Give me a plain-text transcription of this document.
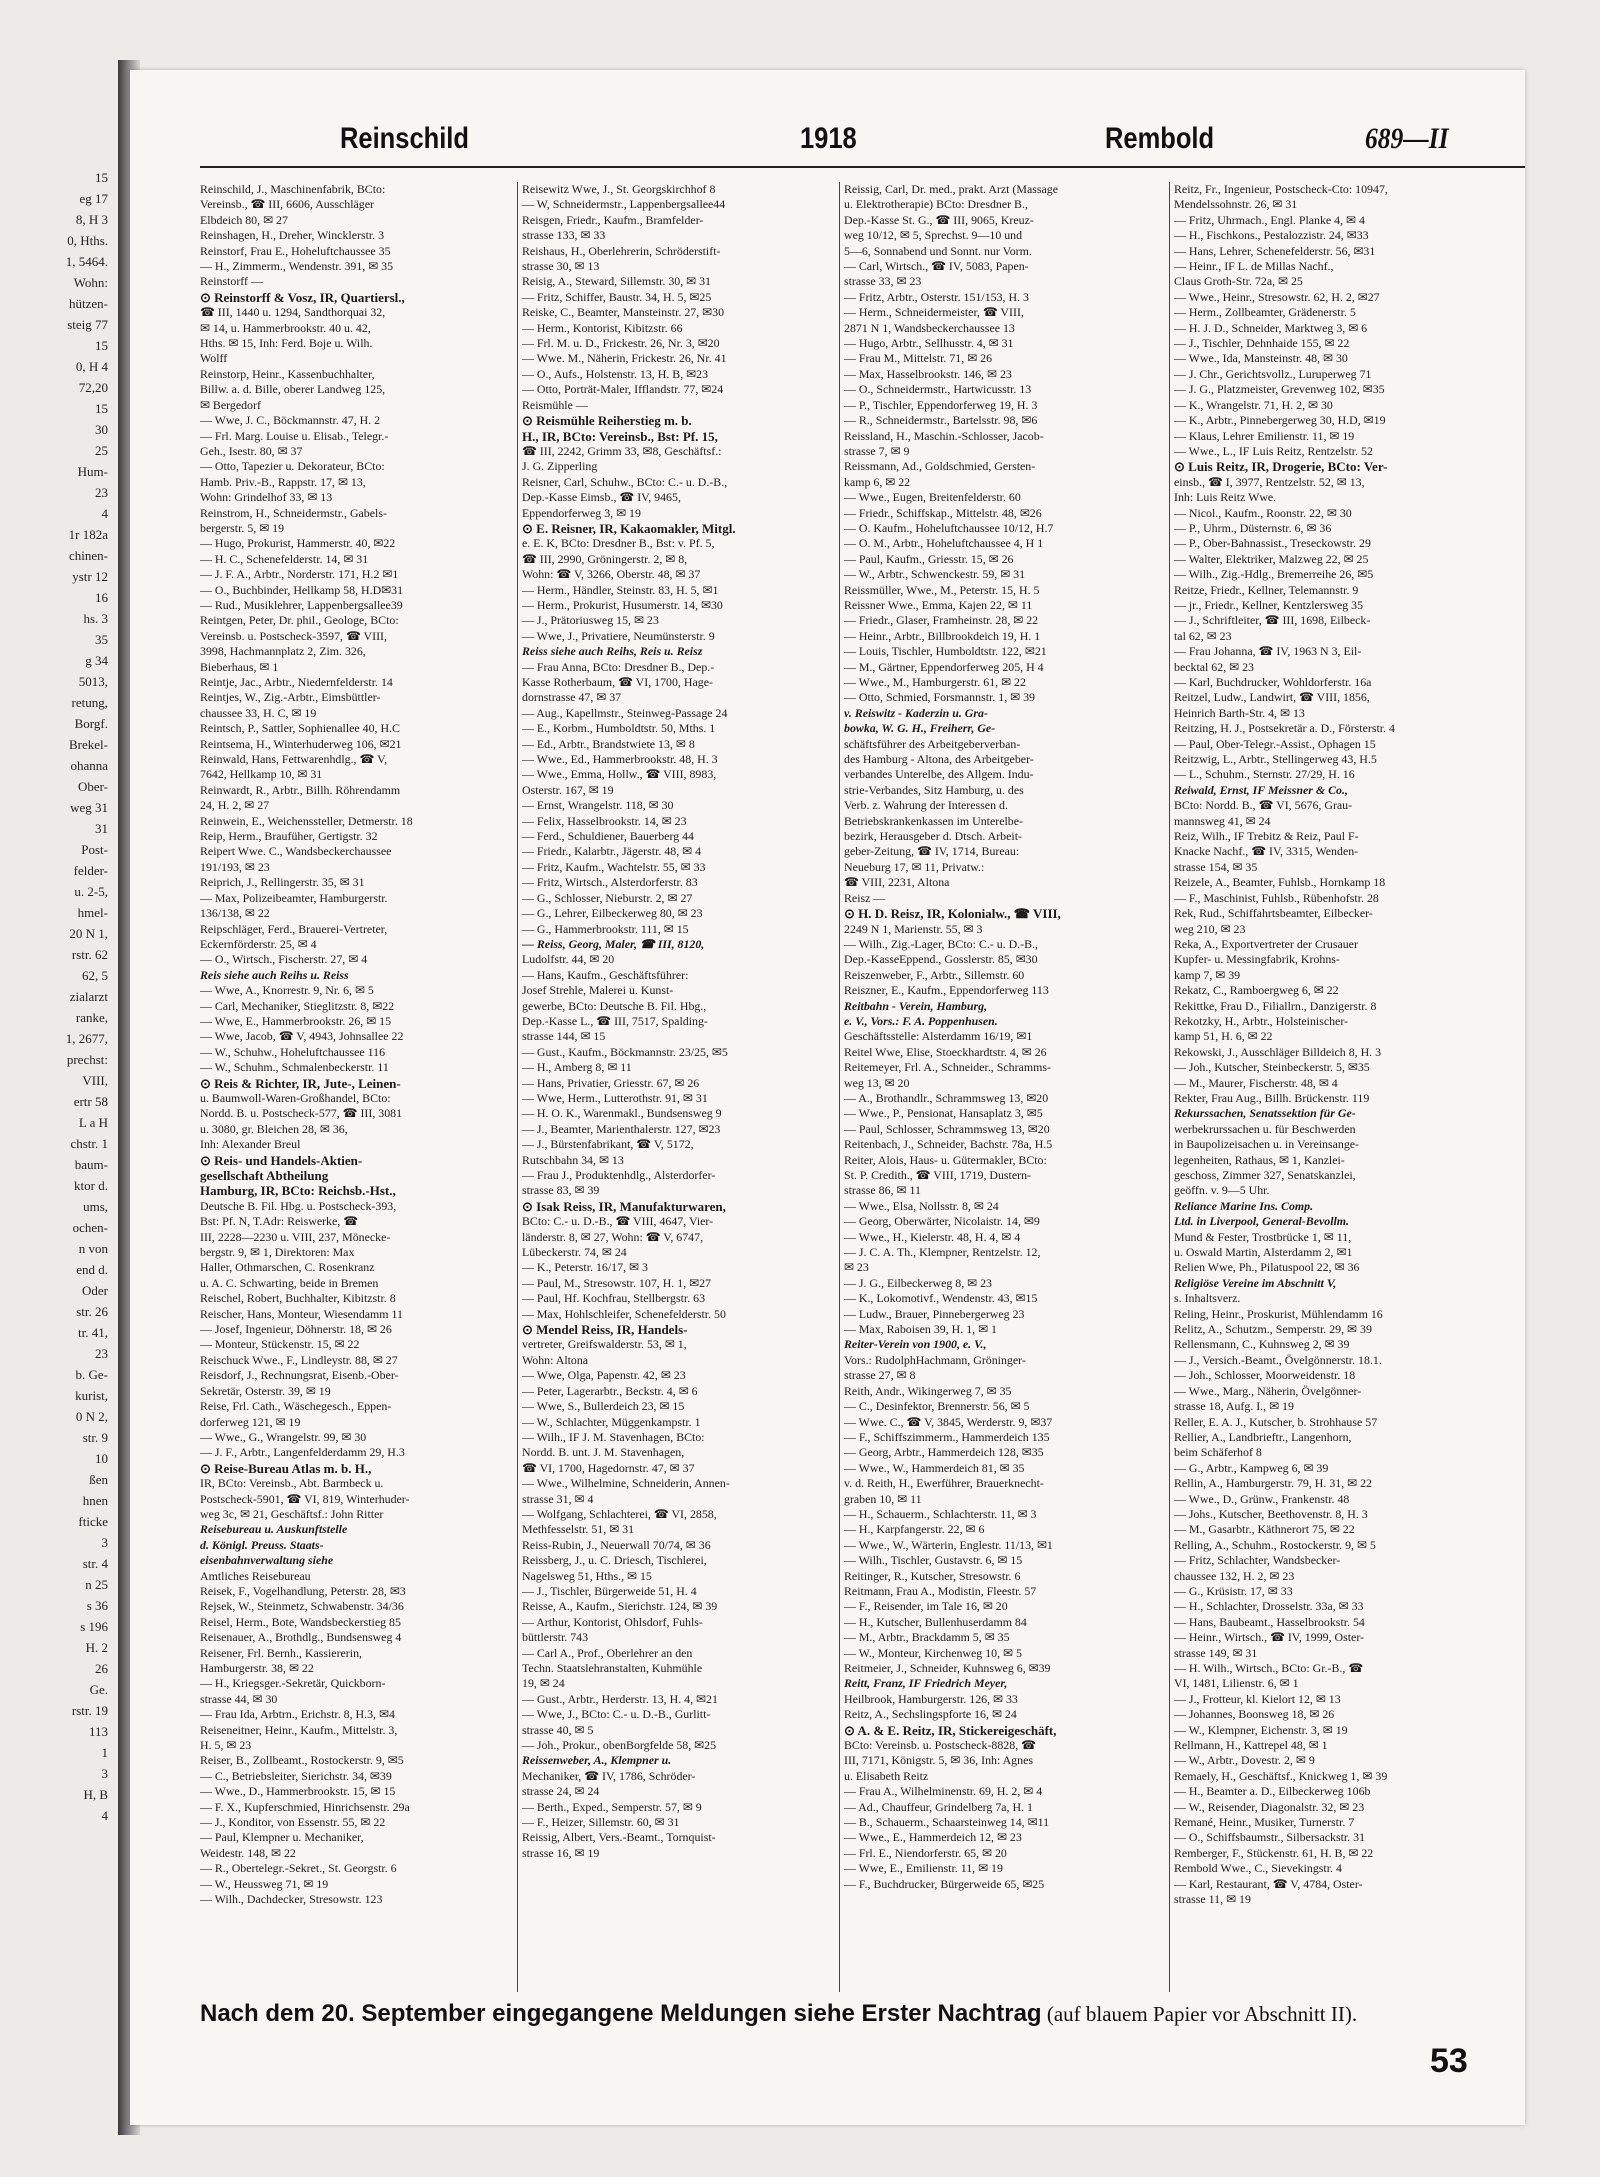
15
eg 17
8, H 3
0, Hths.
1, 5464.
Wohn:
hützen-
steig 77
15
0, H 4
72,20
15
30
25
Hum-
23
4
1r 182a
chinen-
ystr 12
16
hs. 3
35
g 34
5013,
retung,
Borgf.
Brekel-
ohanna
Ober-
weg 31
31
Post-
felder-
u. 2-5,
hmel-
20 N 1,
rstr. 62
62, 5
zialarzt
ranke,
1, 2677,
prechst:
VIII,
ertr 58
L a H
chstr. 1
baum-
ktor d.
ums,
ochen-
n von
end d.
Oder
str. 26
tr. 41,
23
b. Ge-
kurist,
0 N 2,
str. 9
10
ßen
hnen
fticke
3
str. 4
n 25
s 36
s 196
H. 2
26
Ge.
rstr. 19
113
1
3
H, B
4
Reinschild	1918	Rembold	689—II
Reinschild, J., Maschinenfabrik, BCto:
Vereinsb., ☎ III, 6606, Ausschläger
Elbdeich 80, ✉ 27
Reinshagen, H., Dreher, Wincklerstr. 3
Reinstorf, Frau E., Hoheluftchaussee 35
— H., Zimmerm., Wendenstr. 391, ✉ 35
Reinstorff —
⊙ Reinstorff & Vosz, IR, Quartiersl.,
☎ III, 1440 u. 1294, Sandthorquai 32,
✉ 14, u. Hammerbrookstr. 40 u. 42,
Hths. ✉ 15, Inh: Ferd. Boje u. Wilh.
Wolff
Reinstorp, Heinr., Kassenbuchhalter,
Billw. a. d. Bille, oberer Landweg 125,
✉ Bergedorf
— Wwe, J. C., Böckmannstr. 47, H. 2
— Frl. Marg. Louise u. Elisab., Telegr.-
Geh., Isestr. 80, ✉ 37
— Otto, Tapezier u. Dekorateur, BCto:
Hamb. Priv.-B., Rappstr. 17, ✉ 13,
Wohn: Grindelhof 33, ✉ 13
Reinstrom, H., Schneidermstr., Gabels-
bergerstr. 5, ✉ 19
— Hugo, Prokurist, Hammerstr. 40, ✉22
— H. C., Schenefelderstr. 14, ✉ 31
— J. F. A., Arbtr., Norderstr. 171, H.2 ✉1
— O., Buchbinder, Hellkamp 58, H.D✉31
— Rud., Musiklehrer, Lappenbergsallee39
Reintgen, Peter, Dr. phil., Geologe, BCto:
Vereinsb. u. Postscheck-3597, ☎ VIII,
3998, Hachmannplatz 2, Zim. 326,
Bieberhaus, ✉ 1
Reintje, Jac., Arbtr., Niedernfelderstr. 14
Reintjes, W., Zig.-Arbtr., Eimsbüttler-
chaussee 33, H. C, ✉ 19
Reintsch, P., Sattler, Sophienallee 40, H.C
Reintsema, H., Winterhuderweg 106, ✉21
Reinwald, Hans, Fettwarenhdlg., ☎ V,
7642, Hellkamp 10, ✉ 31
Reinwardt, R., Arbtr., Billh. Röhrendamm
24, H. 2, ✉ 27
Reinwein, E., Weichenssteller, Detmerstr. 18
Reip, Herm., Braufüher, Gertigstr. 32
Reipert Wwe. C., Wandsbeckerchaussee
191/193, ✉ 23
Reiprich, J., Rellingerstr. 35, ✉ 31
— Max, Polizeibeamter, Hamburgerstr.
136/138, ✉ 22
Reipschläger, Ferd., Brauerei-Vertreter,
Eckernförderstr. 25, ✉ 4
— O., Wirtsch., Fischerstr. 27, ✉ 4
Reis siehe auch Reihs u. Reiss
— Wwe, A., Knorrestr. 9, Nr. 6, ✉ 5
— Carl, Mechaniker, Stieglitzstr. 8, ✉22
— Wwe, E., Hammerbrookstr. 26, ✉ 15
— Wwe, Jacob, ☎ V, 4943, Johnsallee 22
— W., Schuhw., Hoheluftchaussee 116
— W., Schuhm., Schmalenbeckerstr. 11
⊙ Reis & Richter, IR, Jute-, Leinen-
u. Baumwoll-Waren-Großhandel, BCto:
Nordd. B. u. Postscheck-577, ☎ III, 3081
u. 3080, gr. Bleichen 28, ✉ 36,
Inh: Alexander Breul
⊙ Reis- und Handels-Aktien-
gesellschaft Abtheilung
Hamburg, IR, BCto: Reichsb.-Hst.,
Deutsche B. Fil. Hbg. u. Postscheck-393,
Bst: Pf. N, T.Adr: Reiswerke, ☎
III, 2228—2230 u. VIII, 237, Mönecke-
bergstr. 9, ✉ 1, Direktoren: Max
Haller, Othmarschen, C. Rosenkranz
u. A. C. Schwarting, beide in Bremen
Reischel, Robert, Buchhalter, Kibitzstr. 8
Reischer, Hans, Monteur, Wiesendamm 11
— Josef, Ingenieur, Döhnerstr. 18, ✉ 26
— Monteur, Stückenstr. 15, ✉ 22
Reischuck Wwe., F., Lindleystr. 88, ✉ 27
Reisdorf, J., Rechnungsrat, Eisenb.-Ober-
Sekretär, Osterstr. 39, ✉ 19
Reise, Frl. Cath., Wäschegesch., Eppen-
dorferweg 121, ✉ 19
— Wwe., G., Wrangelstr. 99, ✉ 30
— J. F., Arbtr., Langenfelderdamm 29, H.3
⊙ Reise-Bureau Atlas m. b. H.,
IR, BCto: Vereinsb., Abt. Barmbeck u.
Postscheck-5901, ☎ VI, 819, Winterhuder-
weg 3c, ✉ 21, Geschäftsf.: John Ritter
Reisebureau u. Auskunftstelle
d. Königl. Preuss. Staats-
eisenbahnverwaltung siehe
Amtliches Reisebureau
Reisek, F., Vogelhandlung, Peterstr. 28, ✉3
Rejsek, W., Steinmetz, Schwabenstr. 34/36
Reisel, Herm., Bote, Wandsbeckerstieg 85
Reisenauer, A., Brothdlg., Bundsensweg 4
Reisener, Frl. Bernh., Kassiererin,
Hamburgerstr. 38, ✉ 22
— H., Kriegsger.-Sekretär, Quickborn-
strasse 44, ✉ 30
— Frau Ida, Arbtrn., Erichstr. 8, H.3, ✉4
Reiseneitner, Heinr., Kaufm., Mittelstr. 3,
H. 5, ✉ 23
Reiser, B., Zollbeamt., Rostockerstr. 9, ✉5
— C., Betriebsleiter, Sierichstr. 34, ✉39
— Wwe., D., Hammerbrookstr. 15, ✉ 15
— F. X., Kupferschmied, Hinrichsenstr. 29a
— J., Konditor, von Essenstr. 55, ✉ 22
— Paul, Klempner u. Mechaniker,
Weidestr. 148, ✉ 22
— R., Obertelegr.-Sekret., St. Georgstr. 6
— W., Heussweg 71, ✉ 19
— Wilh., Dachdecker, Stresowstr. 123
Reisewitz Wwe, J., St. Georgskirchhof 8
— W, Schneidermstr., Lappenbergsallee44
Reisgen, Friedr., Kaufm., Bramfelder-
strasse 133, ✉ 33
Reishaus, H., Oberlehrerin, Schröderstift-
strasse 30, ✉ 13
Reisig, A., Steward, Sillemstr. 30, ✉ 31
— Fritz, Schiffer, Baustr. 34, H. 5, ✉25
Reiske, C., Beamter, Mansteinstr. 27, ✉30
— Herm., Kontorist, Kibitzstr. 66
— Frl. M. u. D., Frickestr. 26, Nr. 3, ✉20
— Wwe. M., Näherin, Frickestr. 26, Nr. 41
— O., Aufs., Holstenstr. 13, H. B, ✉23
— Otto, Porträt-Maler, Ifflandstr. 77, ✉24
Reismühle —
⊙ Reismühle Reiherstieg m. b.
H., IR, BCto: Vereinsb., Bst: Pf. 15,
☎ III, 2242, Grimm 33, ✉8, Geschäftsf.:
J. G. Zipperling
Reisner, Carl, Schuhw., BCto: C.- u. D.-B.,
Dep.-Kasse Eimsb., ☎ IV, 9465,
Eppendorferweg 3, ✉ 19
⊙ E. Reisner, IR, Kakaomakler, Mitgl.
e. E. K, BCto: Dresdner B., Bst: v. Pf. 5,
☎ III, 2990, Gröningerstr. 2, ✉ 8,
Wohn: ☎ V, 3266, Oberstr. 48, ✉ 37
— Herm., Händler, Steinstr. 83, H. 5, ✉1
— Herm., Prokurist, Husumerstr. 14, ✉30
— J., Prätoriusweg 15, ✉ 23
— Wwe, J., Privatiere, Neumünsterstr. 9
Reiss siehe auch Reihs, Reis u. Reisz
— Frau Anna, BCto: Dresdner B., Dep.-
Kasse Rotherbaum, ☎ VI, 1700, Hage-
dornstrasse 47, ✉ 37
— Aug., Kapellmstr., Steinweg-Passage 24
— E., Korbm., Humboldtstr. 50, Mths. 1
— Ed., Arbtr., Brandstwiete 13, ✉ 8
— Wwe., Ed., Hammerbrookstr. 48, H. 3
— Wwe., Emma, Hollw., ☎ VIII, 8983,
Osterstr. 167, ✉ 19
— Ernst, Wrangelstr. 118, ✉ 30
— Felix, Hasselbrookstr. 14, ✉ 23
— Ferd., Schuldiener, Bauerberg 44
— Friedr., Kalarbtr., Jägerstr. 48, ✉ 4
— Fritz, Kaufm., Wachtelstr. 55, ✉ 33
— Fritz, Wirtsch., Alsterdorferstr. 83
— G., Schlosser, Nieburstr. 2, ✉ 27
— G., Lehrer, Eilbeckerweg 80, ✉ 23
— G., Hammerbrookstr. 111, ✉ 15
— Reiss, Georg, Maler, ☎ III, 8120,
Ludolfstr. 44, ✉ 20
— Hans, Kaufm., Geschäftsführer:
Josef Strehle, Malerei u. Kunst-
gewerbe, BCto: Deutsche B. Fil. Hbg.,
Dep.-Kasse L., ☎ III, 7517, Spalding-
strasse 144, ✉ 15
— Gust., Kaufm., Böckmannstr. 23/25, ✉5
— H., Amberg 8, ✉ 11
— Hans, Privatier, Griesstr. 67, ✉ 26
— Wwe, Herm., Lutterothstr. 91, ✉ 31
— H. O. K., Warenmakl., Bundsensweg 9
— J., Beamter, Marienthalerstr. 127, ✉23
— J., Bürstenfabrikant, ☎ V, 5172,
Rutschbahn 34, ✉ 13
— Frau J., Produktenhdlg., Alsterdorfer-
strasse 83, ✉ 39
⊙ Isak Reiss, IR, Manufakturwaren,
BCto: C.- u. D.-B., ☎ VIII, 4647, Vier-
länderstr. 8, ✉ 27, Wohn: ☎ V, 6747,
Lübeckerstr. 74, ✉ 24
— K., Peterstr. 16/17, ✉ 3
— Paul, M., Stresowstr. 107, H. 1, ✉27
— Paul, Hf. Kochfrau, Stellbergstr. 63
— Max, Hohlschleifer, Schenefelderstr. 50
⊙ Mendel Reiss, IR, Handels-
vertreter, Greifswalderstr. 53, ✉ 1,
Wohn: Altona
— Wwe, Olga, Papenstr. 42, ✉ 23
— Peter, Lagerarbtr., Beckstr. 4, ✉ 6
— Wwe, S., Bullerdeich 23, ✉ 15
— W., Schlachter, Müggenkampstr. 1
— Wilh., IF J. M. Stavenhagen, BCto:
Nordd. B. unt. J. M. Stavenhagen,
☎ VI, 1700, Hagedornstr. 47, ✉ 37
— Wwe., Wilhelmine, Schneiderin, Annen-
strasse 31, ✉ 4
— Wolfgang, Schlachterei, ☎ VI, 2858,
Methfesselstr. 51, ✉ 31
Reiss-Rubin, J., Neuerwall 70/74, ✉ 36
Reissberg, J., u. C. Driesch, Tischlerei,
Nagelsweg 51, Hths., ✉ 15
— J., Tischler, Bürgerweide 51, H. 4
Reisse, A., Kaufm., Sierichstr. 124, ✉ 39
— Arthur, Kontorist, Ohlsdorf, Fuhls-
büttlerstr. 743
— Carl A., Prof., Oberlehrer an den
Techn. Staatslehranstalten, Kuhmühle
19, ✉ 24
— Gust., Arbtr., Herderstr. 13, H. 4, ✉21
— Wwe, J., BCto: C.- u. D.-B., Gurlitt-
strasse 40, ✉ 5
— Joh., Prokur., obenBorgfelde 58, ✉25
Reissenweber, A., Klempner u.
Mechaniker, ☎ IV, 1786, Schröder-
strasse 24, ✉ 24
— Berth., Exped., Semperstr. 57, ✉ 9
— F., Heizer, Sillemstr. 60, ✉ 31
Reissig, Albert, Vers.-Beamt., Tornquist-
strasse 16, ✉ 19
Reissig, Carl, Dr. med., prakt. Arzt (Massage
u. Elektrotherapie) BCto: Dresdner B.,
Dep.-Kasse St. G., ☎ III, 9065, Kreuz-
weg 10/12, ✉ 5, Sprechst. 9—10 und
5—6, Sonnabend und Sonnt. nur Vorm.
— Carl, Wirtsch., ☎ IV, 5083, Papen-
strasse 33, ✉ 23
— Fritz, Arbtr., Osterstr. 151/153, H. 3
— Herm., Schneidermeister, ☎ VIII,
2871 N 1, Wandsbeckerchaussee 13
— Hugo, Arbtr., Sellhusstr. 4, ✉ 31
— Frau M., Mittelstr. 71, ✉ 26
— Max, Hasselbrookstr. 146, ✉ 23
— O., Schneidermstr., Hartwicusstr. 13
— P., Tischler, Eppendorferweg 19, H. 3
— R., Schneidermstr., Bartelsstr. 98, ✉6
Reissland, H., Maschin.-Schlosser, Jacob-
strasse 7, ✉ 9
Reissmann, Ad., Goldschmied, Gersten-
kamp 6, ✉ 22
— Wwe., Eugen, Breitenfelderstr. 60
— Friedr., Schiffskap., Mittelstr. 48, ✉26
— O. Kaufm., Hoheluftchaussee 10/12, H.7
— O. M., Arbtr., Hoheluftchaussee 4, H 1
— Paul, Kaufm., Griesstr. 15, ✉ 26
— W., Arbtr., Schwenckestr. 59, ✉ 31
Reissmüller, Wwe., M., Peterstr. 15, H. 5
Reissner Wwe., Emma, Kajen 22, ✉ 11
— Friedr., Glaser, Framheinstr. 28, ✉ 22
— Heinr., Arbtr., Billbrookdeich 19, H. 1
— Louis, Tischler, Humboldtstr. 122, ✉21
— M., Gärtner, Eppendorferweg 205, H 4
— Wwe., M., Hamburgerstr. 61, ✉ 22
— Otto, Schmied, Forsmannstr. 1, ✉ 39
v. Reiswitz - Kaderzin u. Gra-
bowka, W. G. H., Freiherr, Ge-
schäftsführer des Arbeitgeberverban-
des Hamburg - Altona, des Arbeitgeber-
verbandes Unterelbe, des Allgem. Indu-
strie-Verbandes, Sitz Hamburg, u. des
Verb. z. Wahrung der Interessen d.
Betriebskrankenkassen im Unterelbe-
bezirk, Herausgeber d. Dtsch. Arbeit-
geber-Zeitung, ☎ IV, 1714, Bureau:
Neueburg 17, ✉ 11, Privatw.:
☎ VIII, 2231, Altona
Reisz —
⊙ H. D. Reisz, IR, Kolonialw., ☎ VIII,
2249 N 1, Marienstr. 55, ✉ 3
— Wilh., Zig.-Lager, BCto: C.- u. D.-B.,
Dep.-KasseEppend., Gosslerstr. 85, ✉30
Reiszenweber, F., Arbtr., Sillemstr. 60
Reiszner, E., Kaufm., Eppendorferweg 113
Reitbahn - Verein, Hamburg,
e. V., Vors.: F. A. Poppenhusen.
Geschäftsstelle: Alsterdamm 16/19, ✉1
Reitel Wwe, Elise, Stoeckhardtstr. 4, ✉ 26
Reitemeyer, Frl. A., Schneider., Schramms-
weg 13, ✉ 20
— A., Brothandlr., Schrammsweg 13, ✉20
— Wwe., P., Pensionat, Hansaplatz 3, ✉5
— Paul, Schlosser, Schrammsweg 13, ✉20
Reitenbach, J., Schneider, Bachstr. 78a, H.5
Reiter, Alois, Haus- u. Gütermakler, BCto:
St. P. Credith., ☎ VIII, 1719, Dustern-
strasse 86, ✉ 11
— Wwe., Elsa, Nollsstr. 8, ✉ 24
— Georg, Oberwärter, Nicolaistr. 14, ✉9
— Wwe., H., Kielerstr. 48, H. 4, ✉ 4
— J. C. A. Th., Klempner, Rentzelstr. 12,
✉ 23
— J. G., Eilbeckerweg 8, ✉ 23
— K., Lokomotivf., Wendenstr. 43, ✉15
— Ludw., Brauer, Pinnebergerweg 23
— Max, Raboisen 39, H. 1, ✉ 1
Reiter-Verein von 1900, e. V.,
Vors.: RudolphHachmann, Gröninger-
strasse 27, ✉ 8
Reith, Andr., Wikingerweg 7, ✉ 35
— C., Desinfektor, Brennerstr. 56, ✉ 5
— Wwe. C., ☎ V, 3845, Werderstr. 9, ✉37
— F., Schiffszimmerm., Hammerdeich 135
— Georg, Arbtr., Hammerdeich 128, ✉35
— Wwe., W., Hammerdeich 81, ✉ 35
v. d. Reith, H., Ewerführer, Brauerknecht-
graben 10, ✉ 11
— H., Schauerm., Schlachterstr. 11, ✉ 3
— H., Karpfangerstr. 22, ✉ 6
— Wwe., W., Wärterin, Englestr. 11/13, ✉1
— Wilh., Tischler, Gustavstr. 6, ✉ 15
Reitinger, R., Kutscher, Stresowstr. 6
Reitmann, Frau A., Modistin, Fleestr. 57
— F., Reisender, im Tale 16, ✉ 20
— H., Kutscher, Bullenhuserdamm 84
— M., Arbtr., Brackdamm 5, ✉ 35
— W., Monteur, Kirchenweg 10, ✉ 5
Reitmeier, J., Schneider, Kuhnsweg 6, ✉39
Reitt, Franz, IF Friedrich Meyer,
Heilbrook, Hamburgerstr. 126, ✉ 33
Reitz, A., Sechslingspforte 16, ✉ 24
⊙ A. & E. Reitz, IR, Stickereigeschäft,
BCto: Vereinsb. u. Postscheck-8828, ☎
III, 7171, Königstr. 5, ✉ 36, Inh: Agnes
u. Elisabeth Reitz
— Frau A., Wilhelminenstr. 69, H. 2, ✉ 4
— Ad., Chauffeur, Grindelberg 7a, H. 1
— B., Schauerm., Schaarsteinweg 14, ✉11
— Wwe., E., Hammerdeich 12, ✉ 23
— Frl. E., Niendorferstr. 65, ✉ 20
— Wwe, E., Emilienstr. 11, ✉ 19
— F., Buchdrucker, Bürgerweide 65, ✉25
Reitz, Fr., Ingenieur, Postscheck-Cto: 10947,
Mendelssohnstr. 26, ✉ 31
— Fritz, Uhrmach., Engl. Planke 4, ✉ 4
— H., Fischkons., Pestalozzistr. 24, ✉33
— Hans, Lehrer, Schenefelderstr. 56, ✉31
— Heinr., IF L. de Millas Nachf.,
Claus Groth-Str. 72a, ✉ 25
— Wwe., Heinr., Stresowstr. 62, H. 2, ✉27
— Herm., Zollbeamter, Grädenerstr. 5
— H. J. D., Schneider, Marktweg 3, ✉ 6
— J., Tischler, Dehnhaide 155, ✉ 22
— Wwe., Ida, Mansteinstr. 48, ✉ 30
— J. Chr., Gerichtsvollz., Luruperweg 71
— J. G., Platzmeister, Grevenweg 102, ✉35
— K., Wrangelstr. 71, H. 2, ✉ 30
— K., Arbtr., Pinnebergerweg 30, H.D, ✉19
— Klaus, Lehrer Emilienstr. 11, ✉ 19
— Wwe., L., IF Luis Reitz, Rentzelstr. 52
⊙ Luis Reitz, IR, Drogerie, BCto: Ver-
einsb., ☎ I, 3977, Rentzelstr. 52, ✉ 13,
Inh: Luis Reitz Wwe.
— Nicol., Kaufm., Roonstr. 22, ✉ 30
— P., Uhrm., Düsternstr. 6, ✉ 36
— P., Ober-Bahnassist., Treseckowstr. 29
— Walter, Elektriker, Malzweg 22, ✉ 25
— Wilh., Zig.-Hdlg., Bremerreihe 26, ✉5
Reitze, Friedr., Kellner, Telemannstr. 9
— jr., Friedr., Kellner, Kentzlersweg 35
— J., Schriftleiter, ☎ III, 1698, Eilbeck-
tal 62, ✉ 23
— Frau Johanna, ☎ IV, 1963 N 3, Eil-
becktal 62, ✉ 23
— Karl, Buchdrucker, Wohldorferstr. 16a
Reitzel, Ludw., Landwirt, ☎ VIII, 1856,
Heinrich Barth-Str. 4, ✉ 13
Reitzing, H. J., Postsekretär a. D., Försterstr. 4
— Paul, Ober-Telegr.-Assist., Ophagen 15
Reitzwig, L., Arbtr., Stellingerweg 43, H.5
— L., Schuhm., Sternstr. 27/29, H. 16
Reiwald, Ernst, IF Meissner & Co.,
BCto: Nordd. B., ☎ VI, 5676, Grau-
mannsweg 41, ✉ 24
Reiz, Wilh., IF Trebitz & Reiz, Paul F-
Knacke Nachf., ☎ IV, 3315, Wenden-
strasse 154, ✉ 35
Reizele, A., Beamter, Fuhlsb., Hornkamp 18
— F., Maschinist, Fuhlsb., Rübenhofstr. 28
Rek, Rud., Schiffahrtsbeamter, Eilbecker-
weg 210, ✉ 23
Reka, A., Exportvertreter der Crusauer
Kupfer- u. Messingfabrik, Krohns-
kamp 7, ✉ 39
Rekatz, C., Ramboergweg 6, ✉ 22
Rekittke, Frau D., Filiallrn., Danzigerstr. 8
Rekotzky, H., Arbtr., Holsteinischer-
kamp 51, H. 6, ✉ 22
Rekowski, J., Ausschläger Billdeich 8, H. 3
— Joh., Kutscher, Steinbeckerstr. 5, ✉35
— M., Maurer, Fischerstr. 48, ✉ 4
Rekter, Frau Aug., Billh. Brückenstr. 119
Rekurssachen, Senatssektion für Ge-
werbekrurssachen u. für Beschwerden
in Baupolizeisachen u. in Vereinsange-
legenheiten, Rathaus, ✉ 1, Kanzlei-
geschoss, Zimmer 327, Senatskanzlei,
geöffn. v. 9—5 Uhr.
Reliance Marine Ins. Comp.
Ltd. in Liverpool, General-Bevollm.
Mund & Fester, Trostbrücke 1, ✉ 11,
u. Oswald Martin, Alsterdamm 2, ✉1
Relien Wwe, Ph., Pilatuspool 22, ✉ 36
Religiöse Vereine im Abschnitt V,
s. Inhaltsverz.
Reling, Heinr., Proskurist, Mühlendamm 16
Relitz, A., Schutzm., Semperstr. 29, ✉ 39
Rellensmann, C., Kuhnsweg 2, ✉ 39
— J., Versich.-Beamt., Övelgönnerstr. 18.1.
— Joh., Schlosser, Moorweidenstr. 18
— Wwe., Marg., Näherin, Övelgönner-
strasse 18, Aufg. I., ✉ 19
Reller, E. A. J., Kutscher, b. Strohhause 57
Rellier, A., Landbrieftr., Langenhorn,
beim Schäferhof 8
— G., Arbtr., Kampweg 6, ✉ 39
Rellin, A., Hamburgerstr. 79, H. 31, ✉ 22
— Wwe., D., Grünw., Frankenstr. 48
— Johs., Kutscher, Beethovenstr. 8, H. 3
— M., Gasarbtr., Käthnerort 75, ✉ 22
Relling, A., Schuhm., Rostockerstr. 9, ✉ 5
— Fritz, Schlachter, Wandsbecker-
chaussee 132, H. 2, ✉ 23
— G., Krüsistr. 17, ✉ 33
— H., Schlachter, Drosselstr. 33a, ✉ 33
— Hans, Baubeamt., Hasselbrookstr. 54
— Heinr., Wirtsch., ☎ IV, 1999, Oster-
strasse 149, ✉ 31
— H. Wilh., Wirtsch., BCto: Gr.-B., ☎
VI, 1481, Lilienstr. 6, ✉ 1
— J., Frotteur, kl. Kielort 12, ✉ 13
— Johannes, Boonsweg 18, ✉ 26
— W., Klempner, Eichenstr. 3, ✉ 19
Rellmann, H., Kattrepel 48, ✉ 1
— W., Arbtr., Dovestr. 2, ✉ 9
Remaely, H., Geschäftsf., Knickweg 1, ✉ 39
— H., Beamter a. D., Eilbeckerweg 106b
— W., Reisender, Diagonalstr. 32, ✉ 23
Remané, Heinr., Musiker, Turnerstr. 7
— O., Schiffsbaumstr., Silbersackstr. 31
Remberger, F., Stückenstr. 61, H. B, ✉ 22
Rembold Wwe., C., Sievekingstr. 4
— Karl, Restaurant, ☎ V, 4784, Oster-
strasse 11, ✉ 19
Nach dem 20. September eingegangene Meldungen siehe Erster Nachtrag (auf blauem Papier vor Abschnitt II).
53
